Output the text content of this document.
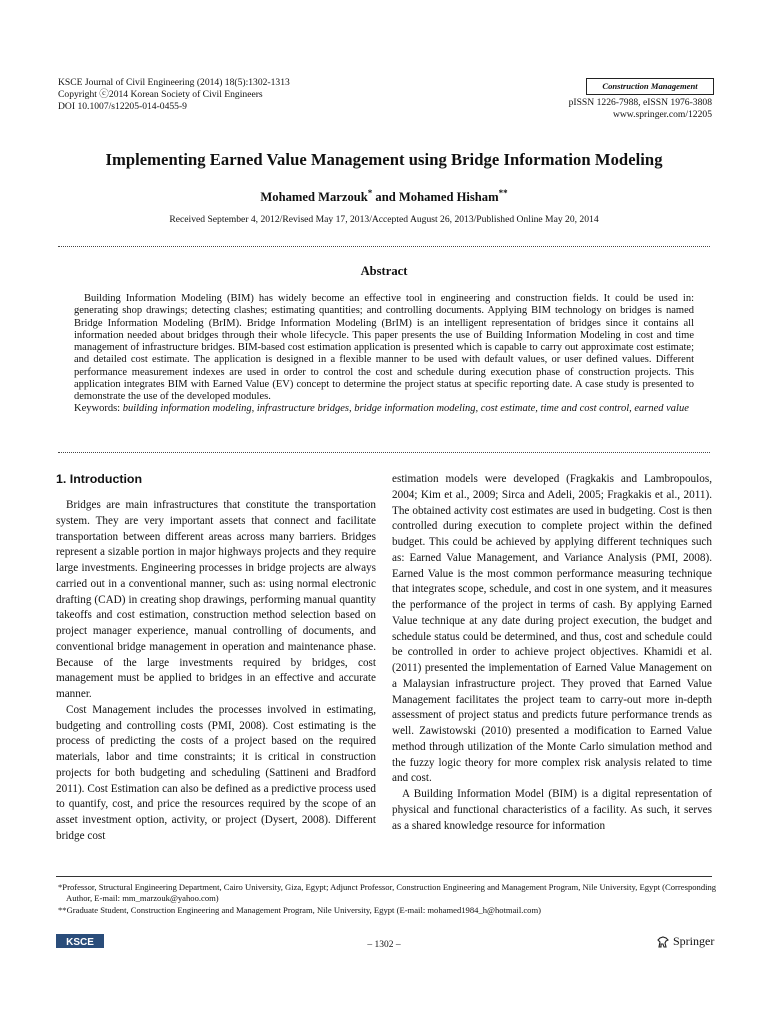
KSCE Journal of Civil Engineering (2014) 18(5):1302-1313
Copyright ⓒ2014 Korean Society of Civil Engineers
DOI 10.1007/s12205-014-0455-9
Construction Management
pISSN 1226-7988, eISSN 1976-3808
www.springer.com/12205
Implementing Earned Value Management using Bridge Information Modeling
Mohamed Marzouk* and Mohamed Hisham**
Received September 4, 2012/Revised May 17, 2013/Accepted August 26, 2013/Published Online May 20, 2014
Abstract

Building Information Modeling (BIM) has widely become an effective tool in engineering and construction fields. It could be used in: generating shop drawings; detecting clashes; estimating quantities; and controlling documents. Applying BIM technology on bridges is named Bridge Information Modeling (BrIM). Bridge Information Modeling (BrIM) is an intelligent representation of bridges since it contains all information needed about bridges through their whole lifecycle. This paper presents the use of Building Information Modeling in cost and time management of infrastructure bridges. BIM-based cost estimation application is presented which is capable to carry out approximate cost estimate; and detailed cost estimate. The application is designed in a flexible manner to be used with default values, or user defined values. Different performance measurement indexes are used in order to control the cost and schedule during execution phase of construction projects. This application integrates BIM with Earned Value (EV) concept to determine the project status at specific reporting date. A case study is presented to demonstrate the use of the developed modules.

Keywords: building information modeling, infrastructure bridges, bridge information modeling, cost estimate, time and cost control, earned value

1. Introduction

Bridges are main infrastructures that constitute the transportation system. They are very important assets that connect and facilitate transportation between different areas across many barriers. Bridges represent a sizable portion in major highways projects and they require large investments. Engineering processes in bridge projects are always carried out in a conventional manner, such as: using normal electronic drafting (CAD) in creating shop drawings, performing manual quantity takeoffs and cost estimation, construction method selection based on project manager experience, manual controlling of documents, and conventional bridge management in operation and maintenance phase. Because of the large investments required by bridges, cost management must be applied to bridges in an effective and accurate manner.

Cost Management includes the processes involved in estimating, budgeting and controlling costs (PMI, 2008). Cost estimating is the process of predicting the costs of a project based on the required materials, labor and time constraints; it is critical in construction projects for both budgeting and scheduling (Sattineni and Bradford 2011). Cost Estimation can also be defined as a predictive process used to quantify, cost, and price the resources required by the scope of an asset investment option, activity, or project (Dysert, 2008). Different bridge cost

estimation models were developed (Fragkakis and Lambropoulos, 2004; Kim et al., 2009; Sirca and Adeli, 2005; Fragkakis et al., 2011). The obtained activity cost estimates are used in budgeting. Cost is then controlled during execution to complete project within the defined budget. This could be achieved by applying different techniques such as: Earned Value Management, and Variance Analysis (PMI, 2008). Earned Value is the most common performance measuring technique that integrates scope, schedule, and cost in one system, and it measures the performance of the project in terms of cash. By applying Earned Value technique at any date during project execution, the budget and schedule status could be determined, and thus, cost and schedule could be controlled in order to achieve project objectives. Khamidi et al. (2011) presented the implementation of Earned Value Management on a Malaysian infrastructure project. They proved that Earned Value Management facilitates the project team to carry-out more in-depth assessment of project status and predicts future performance trends as well. Zawistowski (2010) presented a modification to Earned Value method through utilization of the Monte Carlo simulation method and the fuzzy logic theory for more complex risk analysis related to time and cost.

A Building Information Model (BIM) is a digital representation of physical and functional characteristics of a facility. As such, it serves as a shared knowledge resource for information

*Professor, Structural Engineering Department, Cairo University, Giza, Egypt; Adjunct Professor, Construction Engineering and Management Program, Nile University, Egypt (Corresponding Author, E-mail: mm_marzouk@yahoo.com)
**Graduate Student, Construction Engineering and Management Program, Nile University, Egypt (E-mail: mohamed1984_h@hotmail.com)
KSCE	– 1302 –	Springer
